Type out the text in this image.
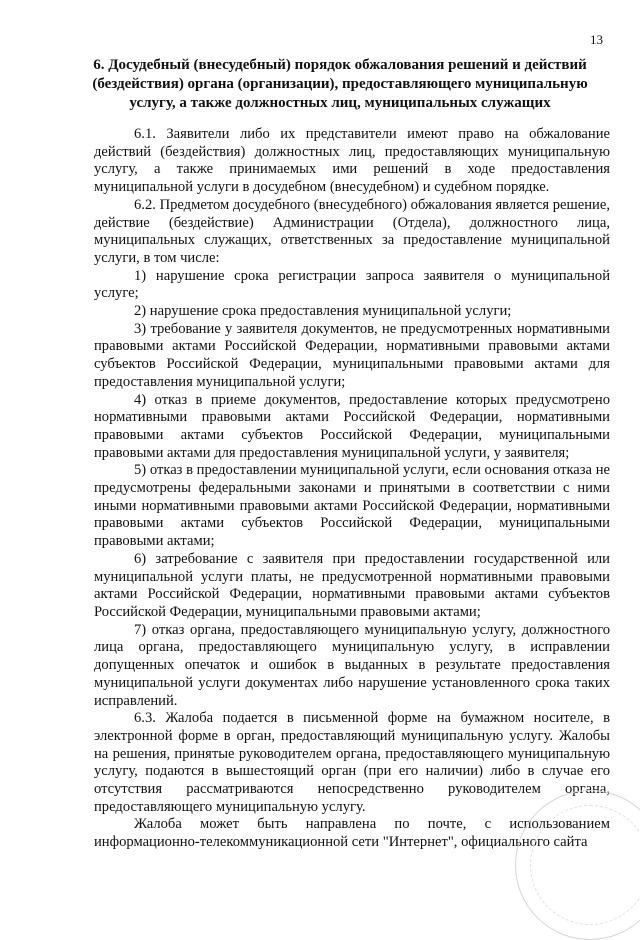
13
6. Досудебный (внесудебный) порядок обжалования решений и действий
(бездействия) органа (организации), предоставляющего муниципальную
услугу, а также должностных лиц, муниципальных служащих

6.1. Заявители либо их представители имеют право на обжалование действий (бездействия) должностных лиц, предоставляющих муниципальную услугу, а также принимаемых ими решений в ходе предоставления муниципальной услуги в досудебном (внесудебном) и судебном порядке.

6.2. Предметом досудебного (внесудебного) обжалования является решение, действие (бездействие) Администрации (Отдела), должностного лица, муниципальных служащих, ответственных за предоставление муниципальной услуги, в том числе:

1) нарушение срока регистрации запроса заявителя о муниципальной услуге;

2) нарушение срока предоставления муниципальной услуги;

3) требование у заявителя документов, не предусмотренных нормативными правовыми актами Российской Федерации, нормативными правовыми актами субъектов Российской Федерации, муниципальными правовыми актами для предоставления муниципальной услуги;

4) отказ в приеме документов, предоставление которых предусмотрено нормативными правовыми актами Российской Федерации, нормативными правовыми актами субъектов Российской Федерации, муниципальными правовыми актами для предоставления муниципальной услуги, у заявителя;

5) отказ в предоставлении муниципальной услуги, если основания отказа не предусмотрены федеральными законами и принятыми в соответствии с ними иными нормативными правовыми актами Российской Федерации, нормативными правовыми актами субъектов Российской Федерации, муниципальными правовыми актами;

6) затребование с заявителя при предоставлении государственной или муниципальной услуги платы, не предусмотренной нормативными правовыми актами Российской Федерации, нормативными правовыми актами субъектов Российской Федерации, муниципальными правовыми актами;

7) отказ органа, предоставляющего муниципальную услугу, должностного лица органа, предоставляющего муниципальную услугу, в исправлении допущенных опечаток и ошибок в выданных в результате предоставления муниципальной услуги документах либо нарушение установленного срока таких исправлений.

6.3. Жалоба подается в письменной форме на бумажном носителе, в электронной форме в орган, предоставляющий муниципальную услугу. Жалобы на решения, принятые руководителем органа, предоставляющего муниципальную услугу, подаются в вышестоящий орган (при его наличии) либо в случае его отсутствия рассматриваются непосредственно руководителем органа, предоставляющего муниципальную услугу.

Жалоба может быть направлена по почте, с использованием информационно-телекоммуникационной сети "Интернет", официального сайта
